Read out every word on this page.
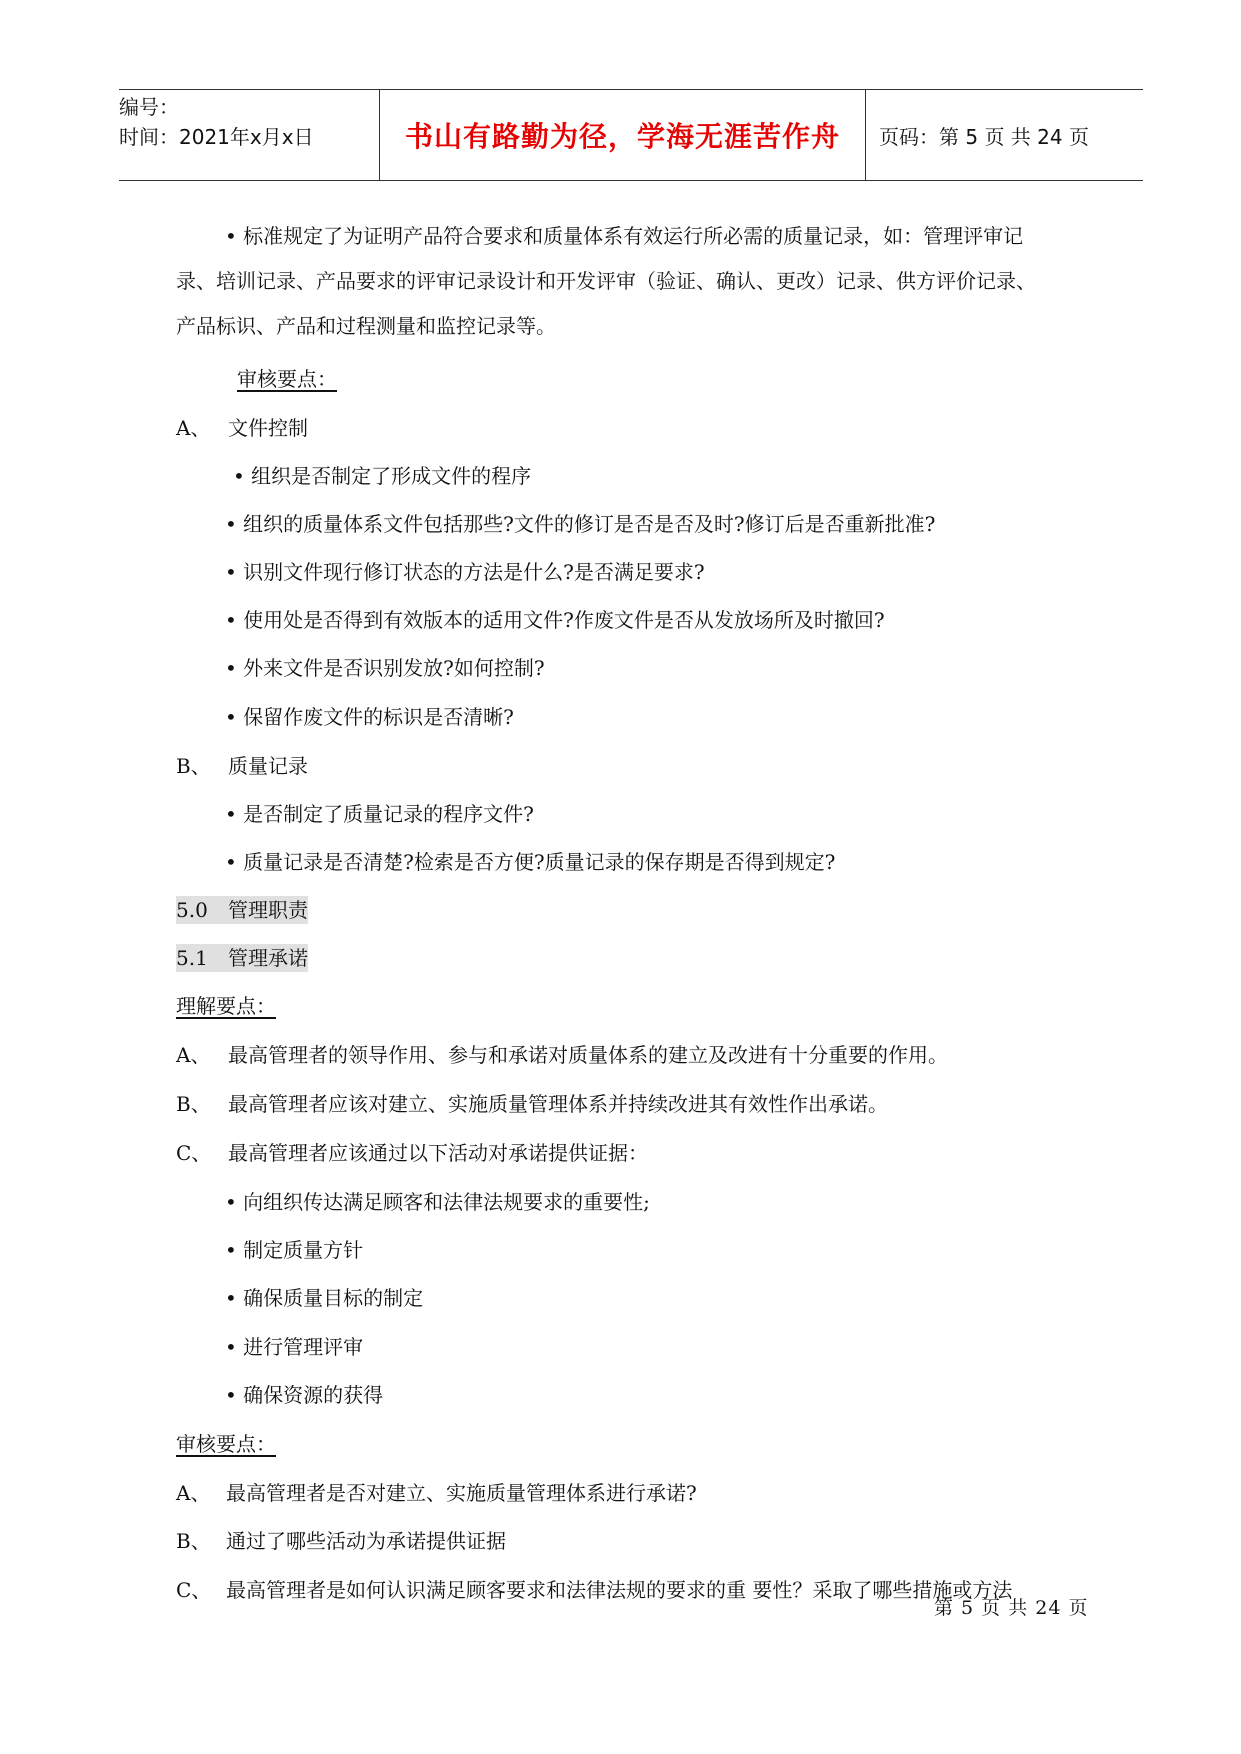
编号：
时间：2021年x月x日	书山有路勤为径，学海无涯苦作舟	页码：第 5 页 共 24 页
• 标准规定了为证明产品符合要求和质量体系有效运行所必需的质量记录，如：管理评审记
录、培训记录、产品要求的评审记录设计和开发评审（验证、确认、更改）记录、供方评价记录、
产品标识、产品和过程测量和监控记录等。
审核要点：
A、 文件控制
• 组织是否制定了形成文件的程序
• 组织的质量体系文件包括那些?文件的修订是否是否及时?修订后是否重新批准?
• 识别文件现行修订状态的方法是什么?是否满足要求?
• 使用处是否得到有效版本的适用文件?作废文件是否从发放场所及时撤回?
• 外来文件是否识别发放?如何控制?
• 保留作废文件的标识是否清晰?
B、 质量记录
• 是否制定了质量记录的程序文件?
• 质量记录是否清楚?检索是否方便?质量记录的保存期是否得到规定?
5.0 管理职责
5.1 管理承诺
理解要点：
A、 最高管理者的领导作用、参与和承诺对质量体系的建立及改进有十分重要的作用。
B、 最高管理者应该对建立、实施质量管理体系并持续改进其有效性作出承诺。
C、 最高管理者应该通过以下活动对承诺提供证据：
• 向组织传达满足顾客和法律法规要求的重要性;
• 制定质量方针
• 确保质量目标的制定
• 进行管理评审
• 确保资源的获得
审核要点：
A、 最高管理者是否对建立、实施质量管理体系进行承诺?
B、 通过了哪些活动为承诺提供证据
C、 最高管理者是如何认识满足顾客要求和法律法规的要求的重 要性？采取了哪些措施或方法
第 5 页 共 24 页
